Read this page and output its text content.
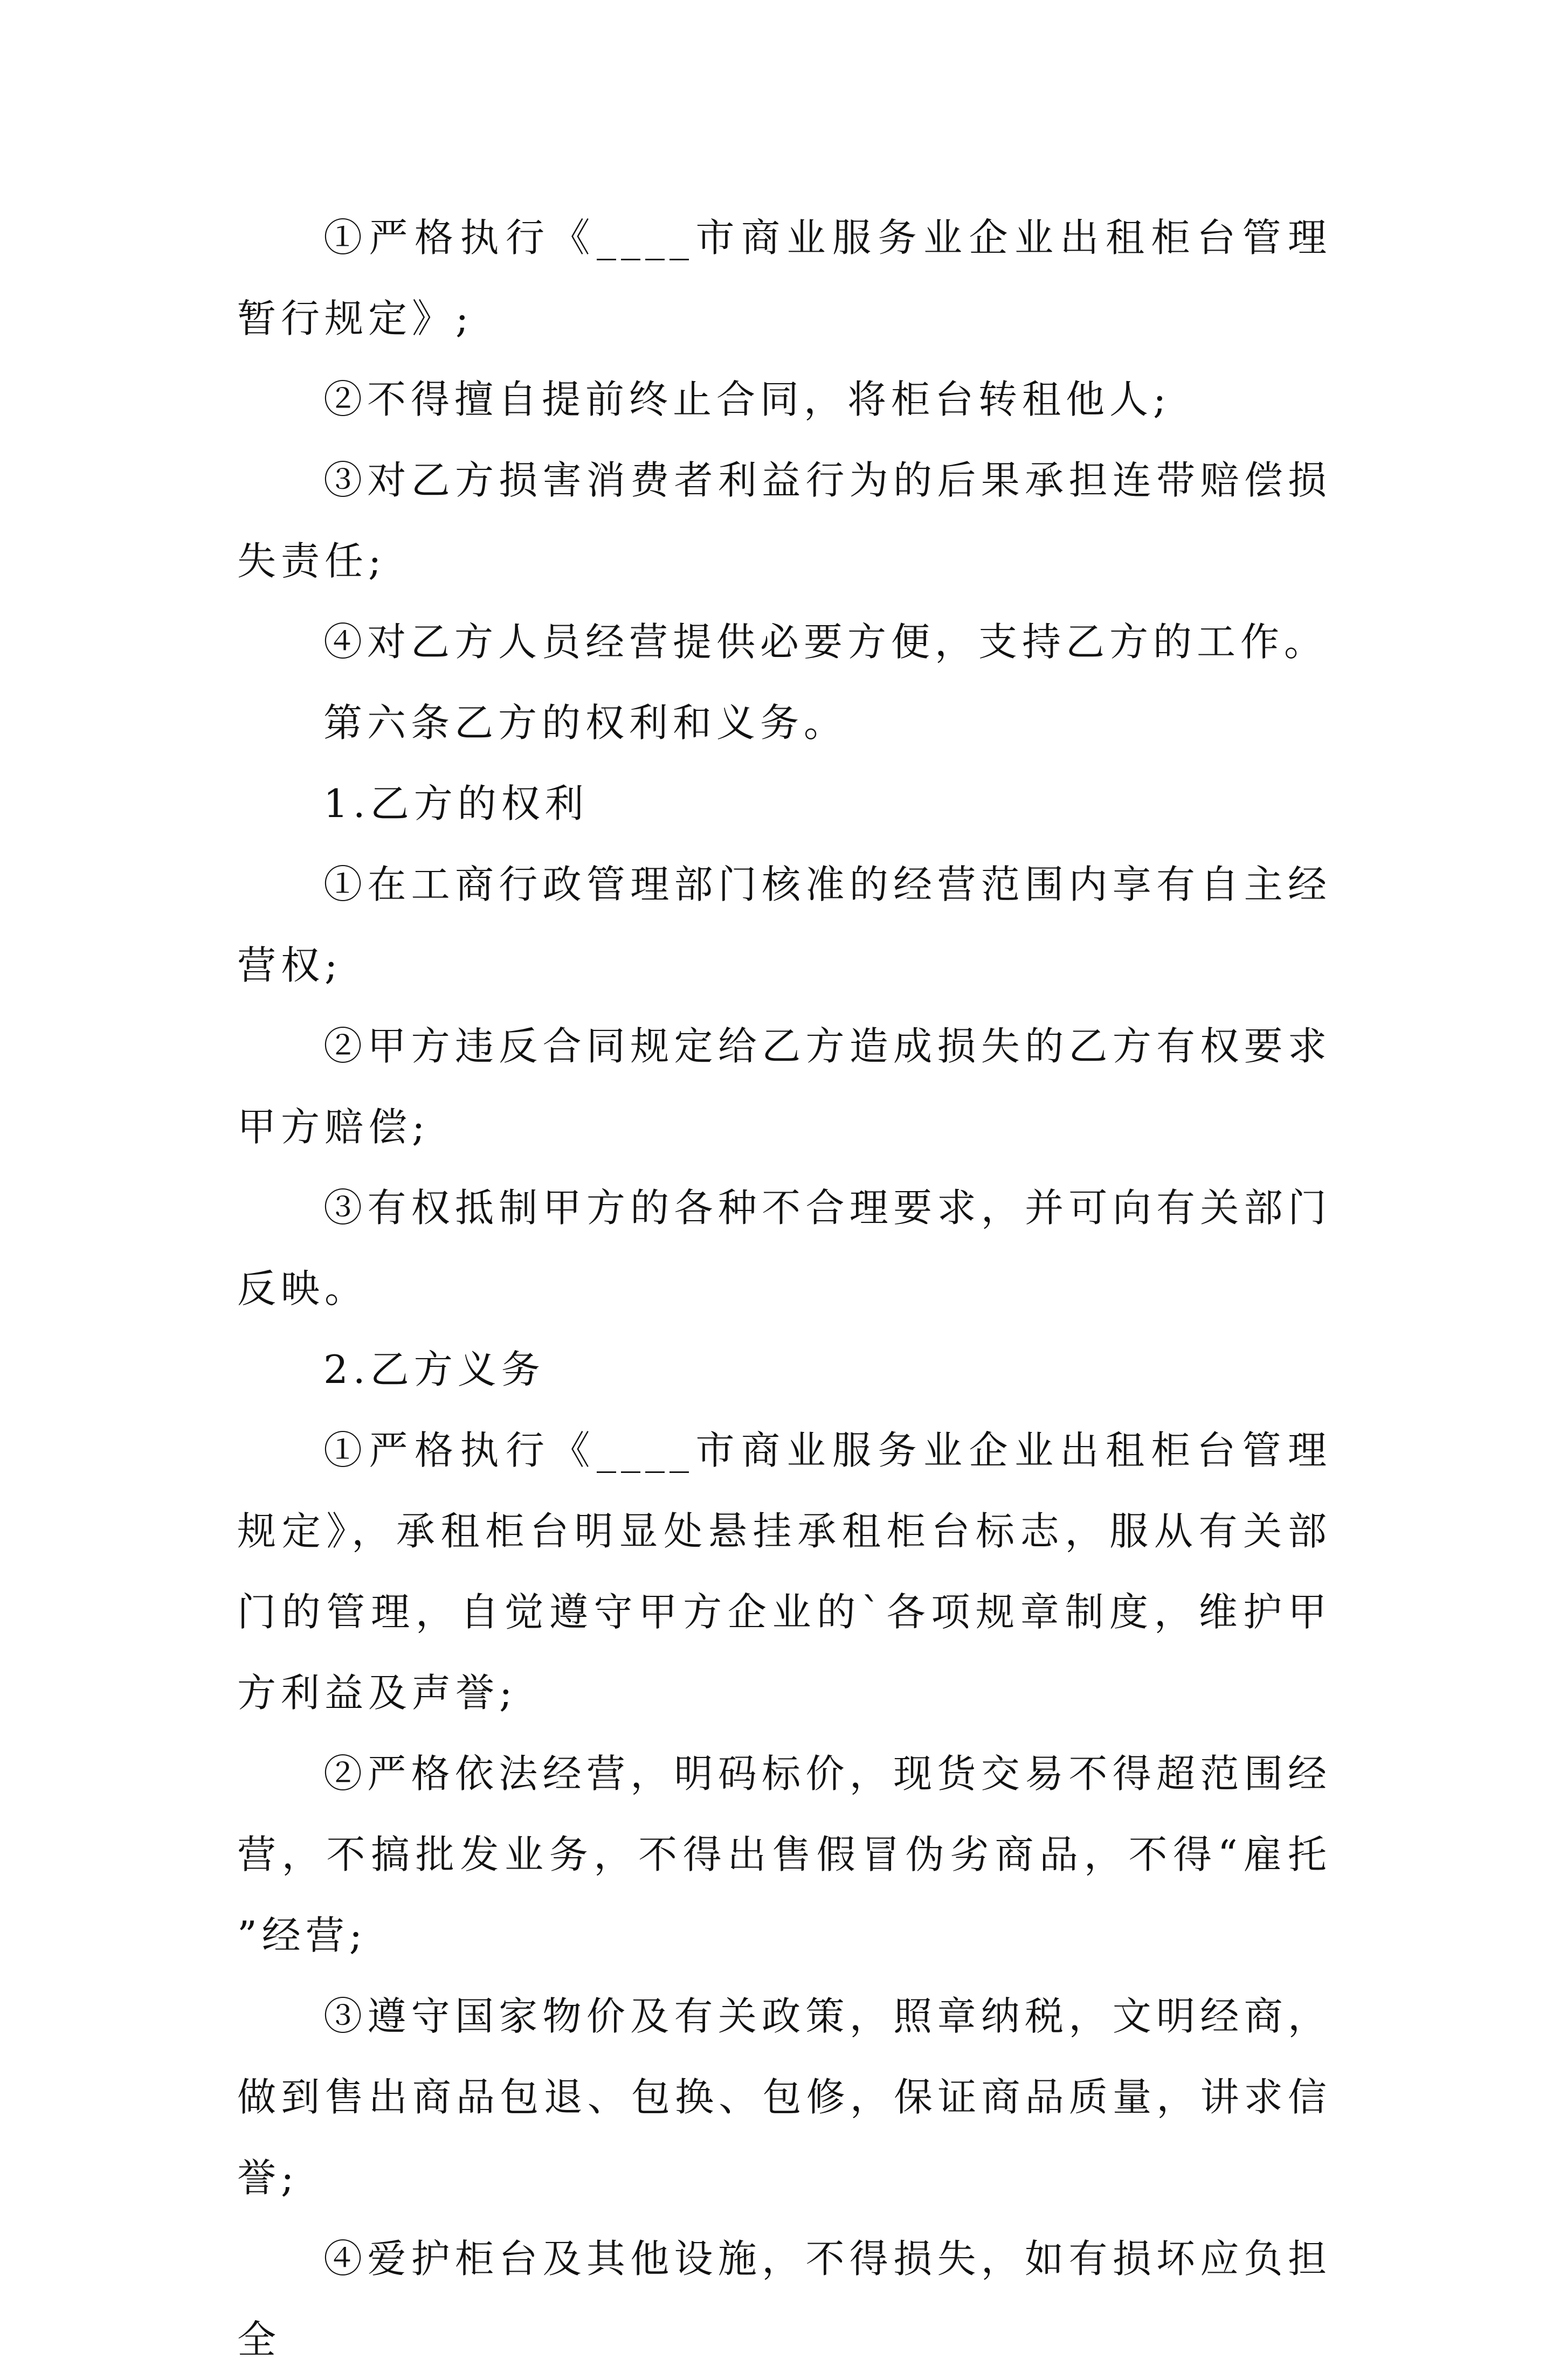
①严格执行《____市商业服务业企业出租柜台管理暂行规定》;

②不得擅自提前终止合同，将柜台转租他人;

③对乙方损害消费者利益行为的后果承担连带赔偿损失责任;

④对乙方人员经营提供必要方便，支持乙方的工作。

第六条乙方的权利和义务。

1.乙方的权利

①在工商行政管理部门核准的经营范围内享有自主经营权;

②甲方违反合同规定给乙方造成损失的乙方有权要求甲方赔偿;

③有权抵制甲方的各种不合理要求，并可向有关部门反映。

2.乙方义务

①严格执行《____市商业服务业企业出租柜台管理规定》，承租柜台明显处悬挂承租柜台标志，服从有关部门的管理，自觉遵守甲方企业的`各项规章制度，维护甲方利益及声誉;

②严格依法经营，明码标价，现货交易不得超范围经营，不搞批发业务，不得出售假冒伪劣商品，不得“雇托”经营;

③遵守国家物价及有关政策，照章纳税，文明经商，做到售出商品包退、包换、包修，保证商品质量，讲求信誉;

④爱护柜台及其他设施，不得损失，如有损坏应负担全
